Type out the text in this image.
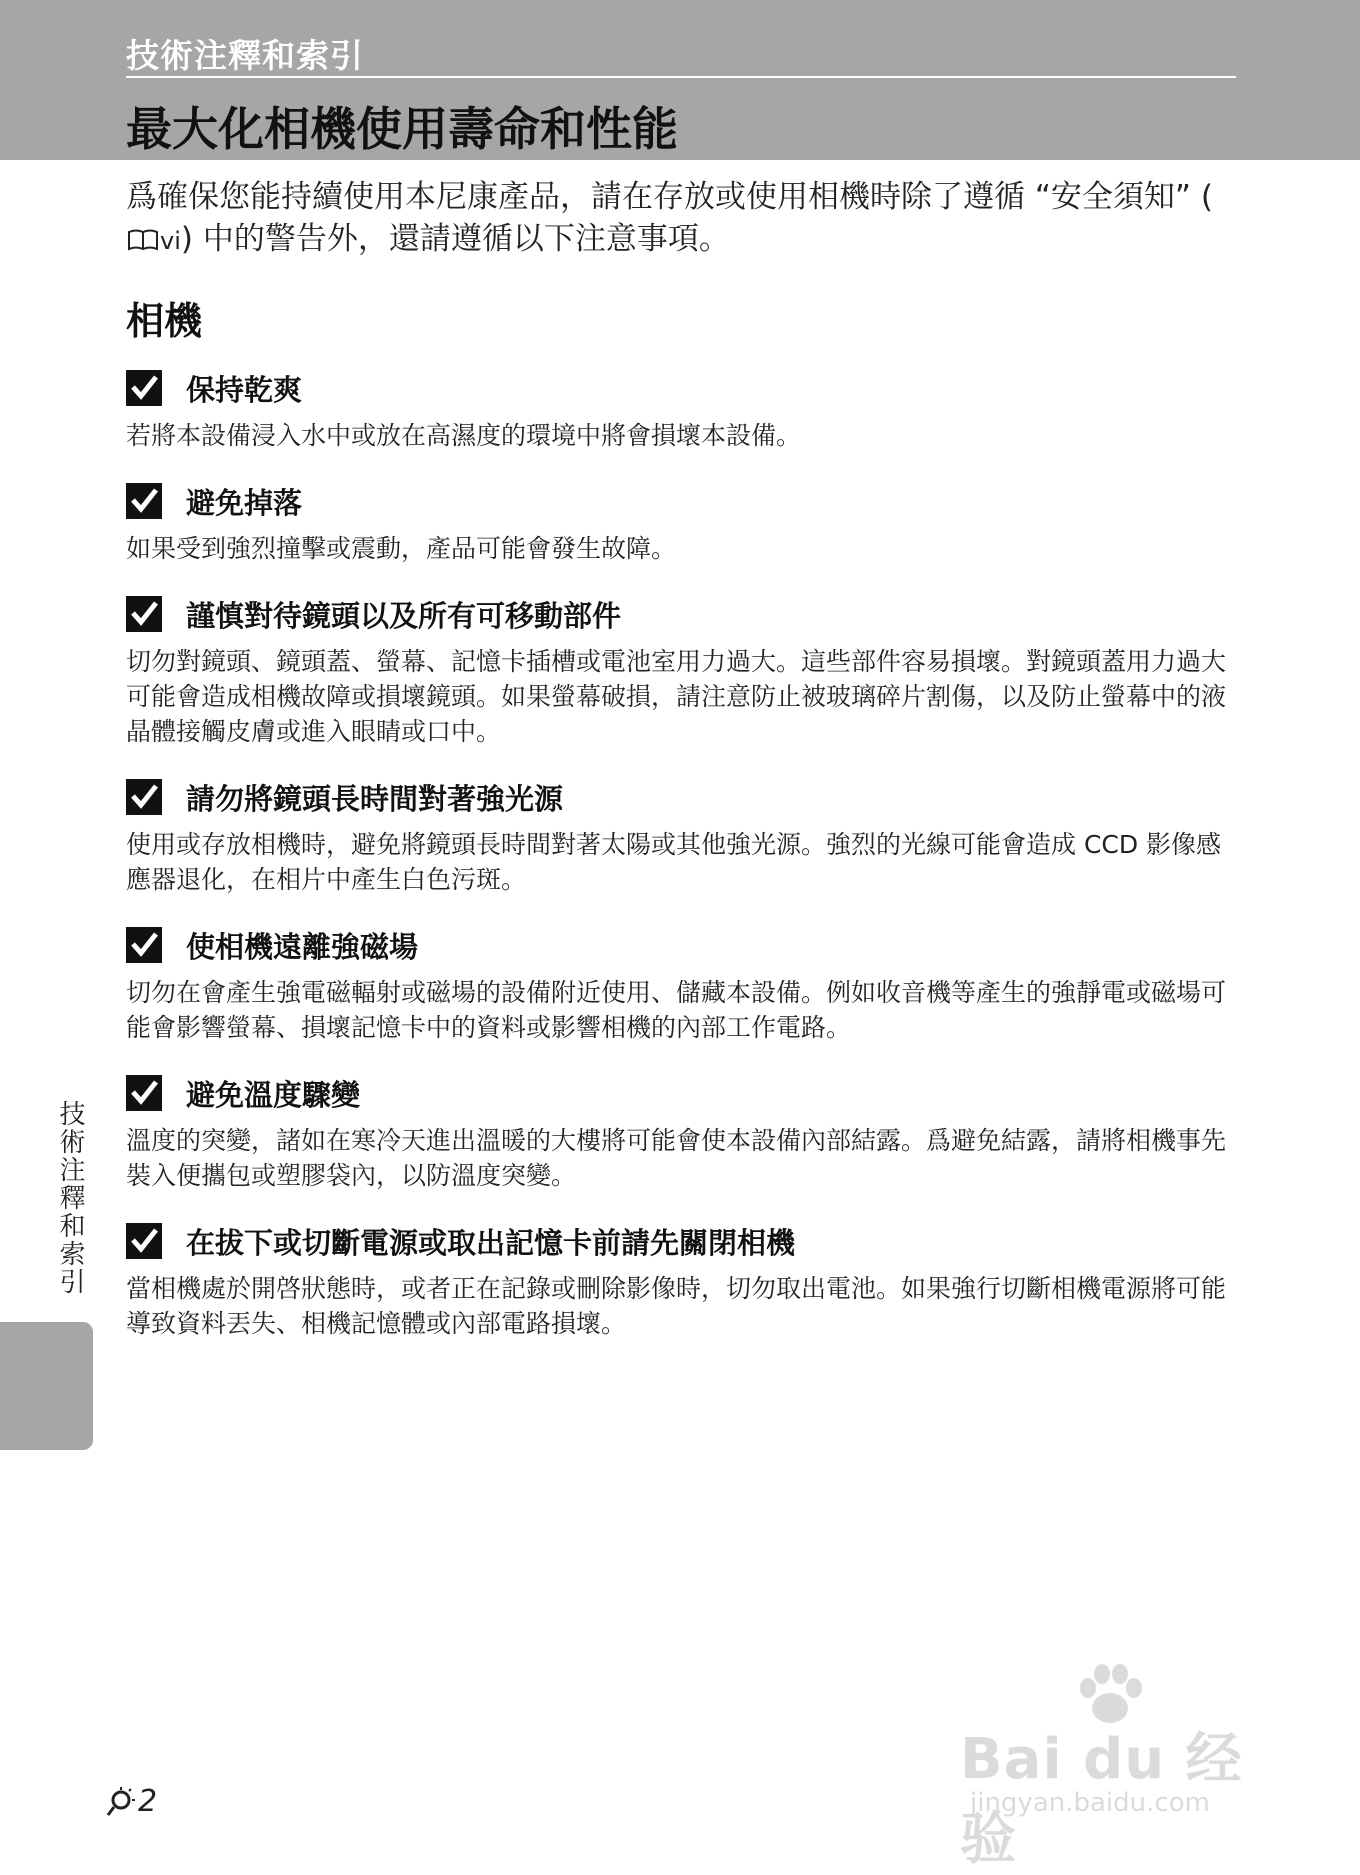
技術注釋和索引
最大化相機使用壽命和性能
爲確保您能持續使用本尼康產品，請在存放或使用相機時除了遵循 “安全須知” (vi) 中的警告外，還請遵循以下注意事項。
相機
保持乾爽
若將本設備浸入水中或放在高濕度的環境中將會損壞本設備。
避免掉落
如果受到強烈撞擊或震動，產品可能會發生故障。
謹慎對待鏡頭以及所有可移動部件
切勿對鏡頭、鏡頭蓋、螢幕、記憶卡插槽或電池室用力過大。這些部件容易損壞。對鏡頭蓋用力過大可能會造成相機故障或損壞鏡頭。如果螢幕破損，請注意防止被玻璃碎片割傷，以及防止螢幕中的液晶體接觸皮膚或進入眼睛或口中。
請勿將鏡頭長時間對著強光源
使用或存放相機時，避免將鏡頭長時間對著太陽或其他強光源。強烈的光線可能會造成 CCD 影像感應器退化，在相片中產生白色污斑。
使相機遠離強磁場
切勿在會產生強電磁輻射或磁場的設備附近使用、儲藏本設備。例如收音機等產生的強靜電或磁場可能會影響螢幕、損壞記憶卡中的資料或影響相機的內部工作電路。
避免溫度驟變
溫度的突變，諸如在寒冷天進出溫暖的大樓將可能會使本設備內部結露。爲避免結露，請將相機事先裝入便攜包或塑膠袋內，以防溫度突變。
在拔下或切斷電源或取出記憶卡前請先關閉相機
當相機處於開啓狀態時，或者正在記錄或刪除影像時，切勿取出電池。如果強行切斷相機電源將可能導致資料丟失、相機記憶體或內部電路損壞。
技術注釋和索引
2
Bai du 经验
jingyan.baidu.com
